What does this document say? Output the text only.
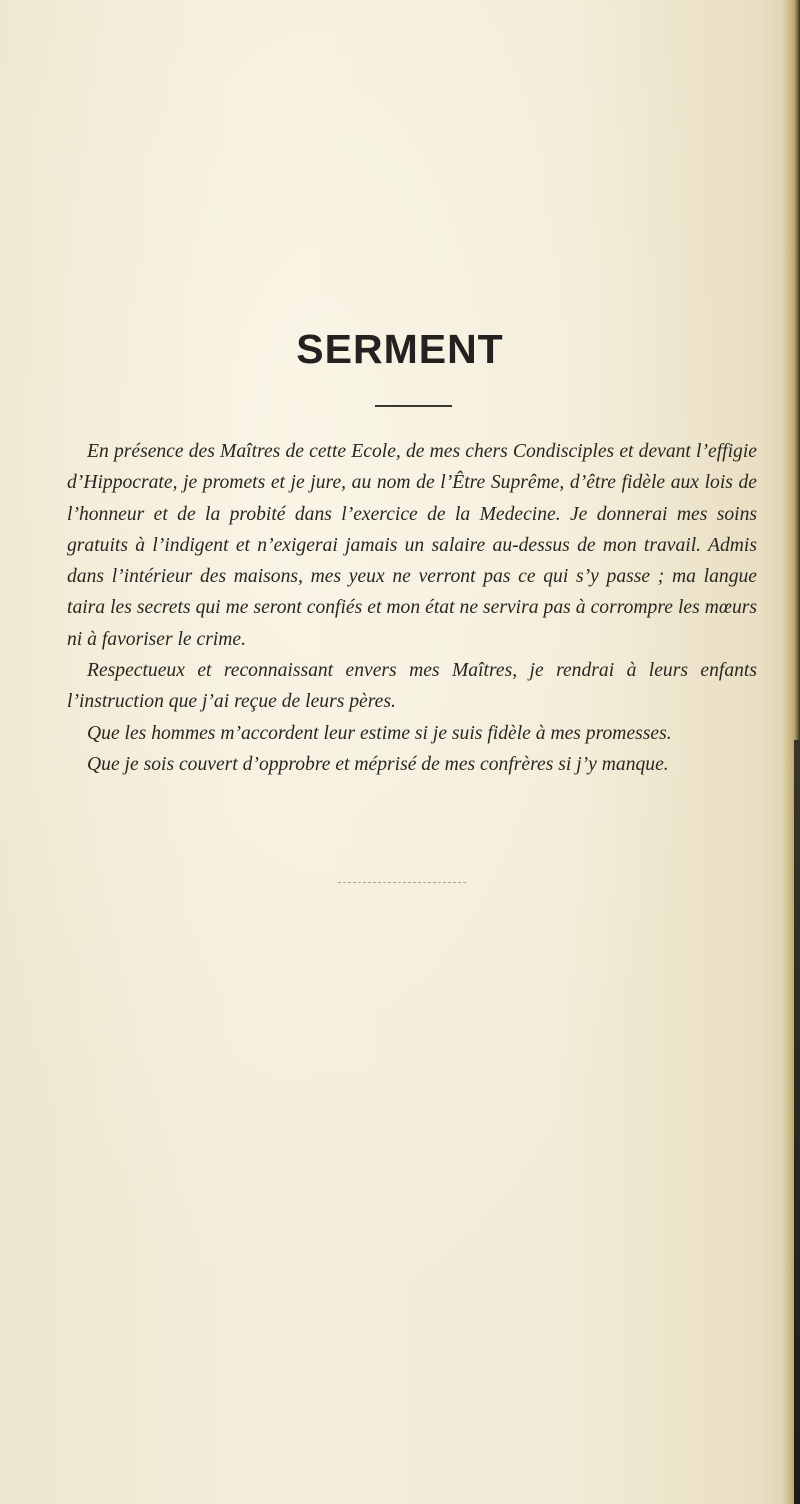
SERMENT

En présence des Maîtres de cette Ecole, de mes chers Condisciples et devant l’effigie d’Hippocrate, je promets et je jure, au nom de l’Être Suprême, d’être fidèle aux lois de l’honneur et de la probité dans l’exercice de la Medecine. Je donnerai mes soins gratuits à l’indigent et n’exigerai jamais un salaire au-dessus de mon travail. Admis dans l’intérieur des maisons, mes yeux ne verront pas ce qui s’y passe ; ma langue taira les secrets qui me seront confiés et mon état ne servira pas à corrompre les mœurs ni à favoriser le crime.

Respectueux et reconnaissant envers mes Maîtres, je rendrai à leurs enfants l’instruction que j’ai reçue de leurs pères.

Que les hommes m’accordent leur estime si je suis fidèle à mes promesses.

Que je sois couvert d’opprobre et méprisé de mes confrères si j’y manque.
